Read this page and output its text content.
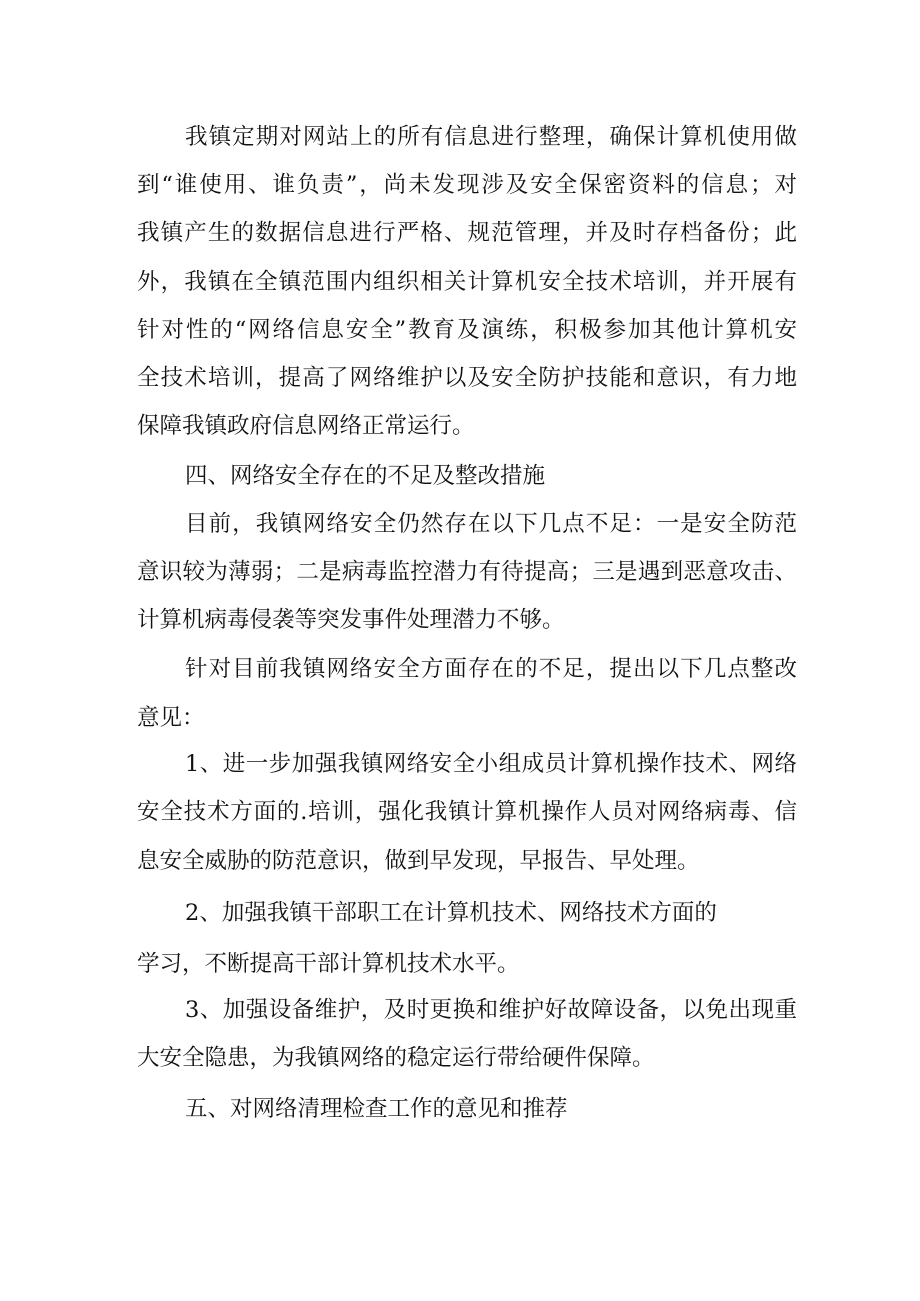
我镇定期对网站上的所有信息进行整理，确保计算机使用做
到“谁使用、谁负责”，尚未发现涉及安全保密资料的信息；对
我镇产生的数据信息进行严格、规范管理，并及时存档备份；此
外，我镇在全镇范围内组织相关计算机安全技术培训，并开展有
针对性的“网络信息安全”教育及演练，积极参加其他计算机安
全技术培训，提高了网络维护以及安全防护技能和意识，有力地
保障我镇政府信息网络正常运行。
四、网络安全存在的不足及整改措施
目前，我镇网络安全仍然存在以下几点不足：一是安全防范
意识较为薄弱；二是病毒监控潜力有待提高；三是遇到恶意攻击、
计算机病毒侵袭等突发事件处理潜力不够。
针对目前我镇网络安全方面存在的不足，提出以下几点整改
意见：
1、进一步加强我镇网络安全小组成员计算机操作技术、网络
安全技术方面的.培训，强化我镇计算机操作人员对网络病毒、信
息安全威胁的防范意识，做到早发现，早报告、早处理。
2、加强我镇干部职工在计算机技术、网络技术方面的
学习，不断提高干部计算机技术水平。
3、加强设备维护，及时更换和维护好故障设备，以免出现重
大安全隐患，为我镇网络的稳定运行带给硬件保障。
五、对网络清理检查工作的意见和推荐
